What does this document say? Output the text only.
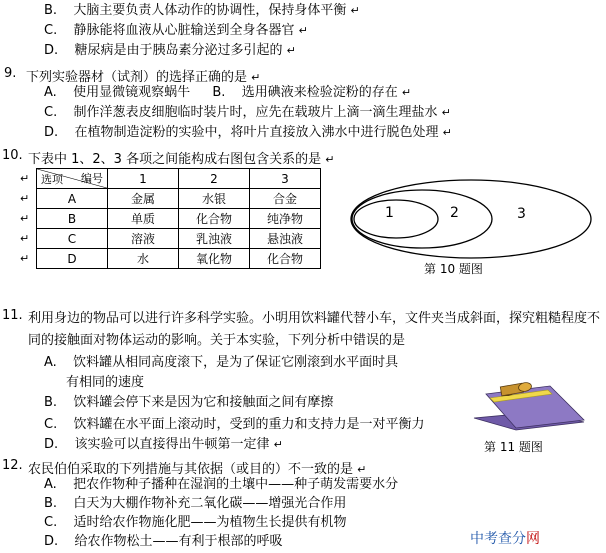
B. 大脑主要负责人体动作的协调性，保持身体平衡 ↵
C. 静脉能将血液从心脏输送到全身各器官 ↵
D. 糖尿病是由于胰岛素分泌过多引起的 ↵
9. 下列实验器材（试剂）的选择正确的是 ↵
A. 使用显微镜观察蜗牛 B. 选用碘液来检验淀粉的存在 ↵
C. 制作洋葱表皮细胞临时装片时，应先在载玻片上滴一滴生理盐水 ↵
D. 在植物制造淀粉的实验中，将叶片直接放入沸水中进行脱色处理 ↵
10. 下表中 1、2、3 各项之间能构成右图包含关系的是 ↵
↵
↵
↵
↵
↵
编号
选项	1	2	3
A	金属	水银	合金
B	单质	化合物	纯净物
C	溶液	乳浊液	悬浊液
D	水	氧化物	化合物
1	2	3
第 10 题图
11. 利用身边的物品可以进行许多科学实验。小明用饮料罐代替小车，文件夹当成斜面，探究粗糙程度不同的接触面对物体运动的影响。关于本实验，下列分析中错误的是
A. 饮料罐从相同高度滚下，是为了保证它刚滚到水平面时具
有相同的速度
B. 饮料罐会停下来是因为它和接触面之间有摩擦
C. 饮料罐在水平面上滚动时，受到的重力和支持力是一对平衡力
D. 该实验可以直接得出牛顿第一定律 ↵	第 11 题图
12. 农民伯伯采取的下列措施与其依据（或目的）不一致的是 ↵
A. 把农作物种子播种在湿润的土壤中——种子萌发需要水分
B. 白天为大棚作物补充二氧化碳——增强光合作用
C. 适时给农作物施化肥——为植物生长提供有机物
D. 给农作物松土——有利于根部的呼吸	中考查分网
